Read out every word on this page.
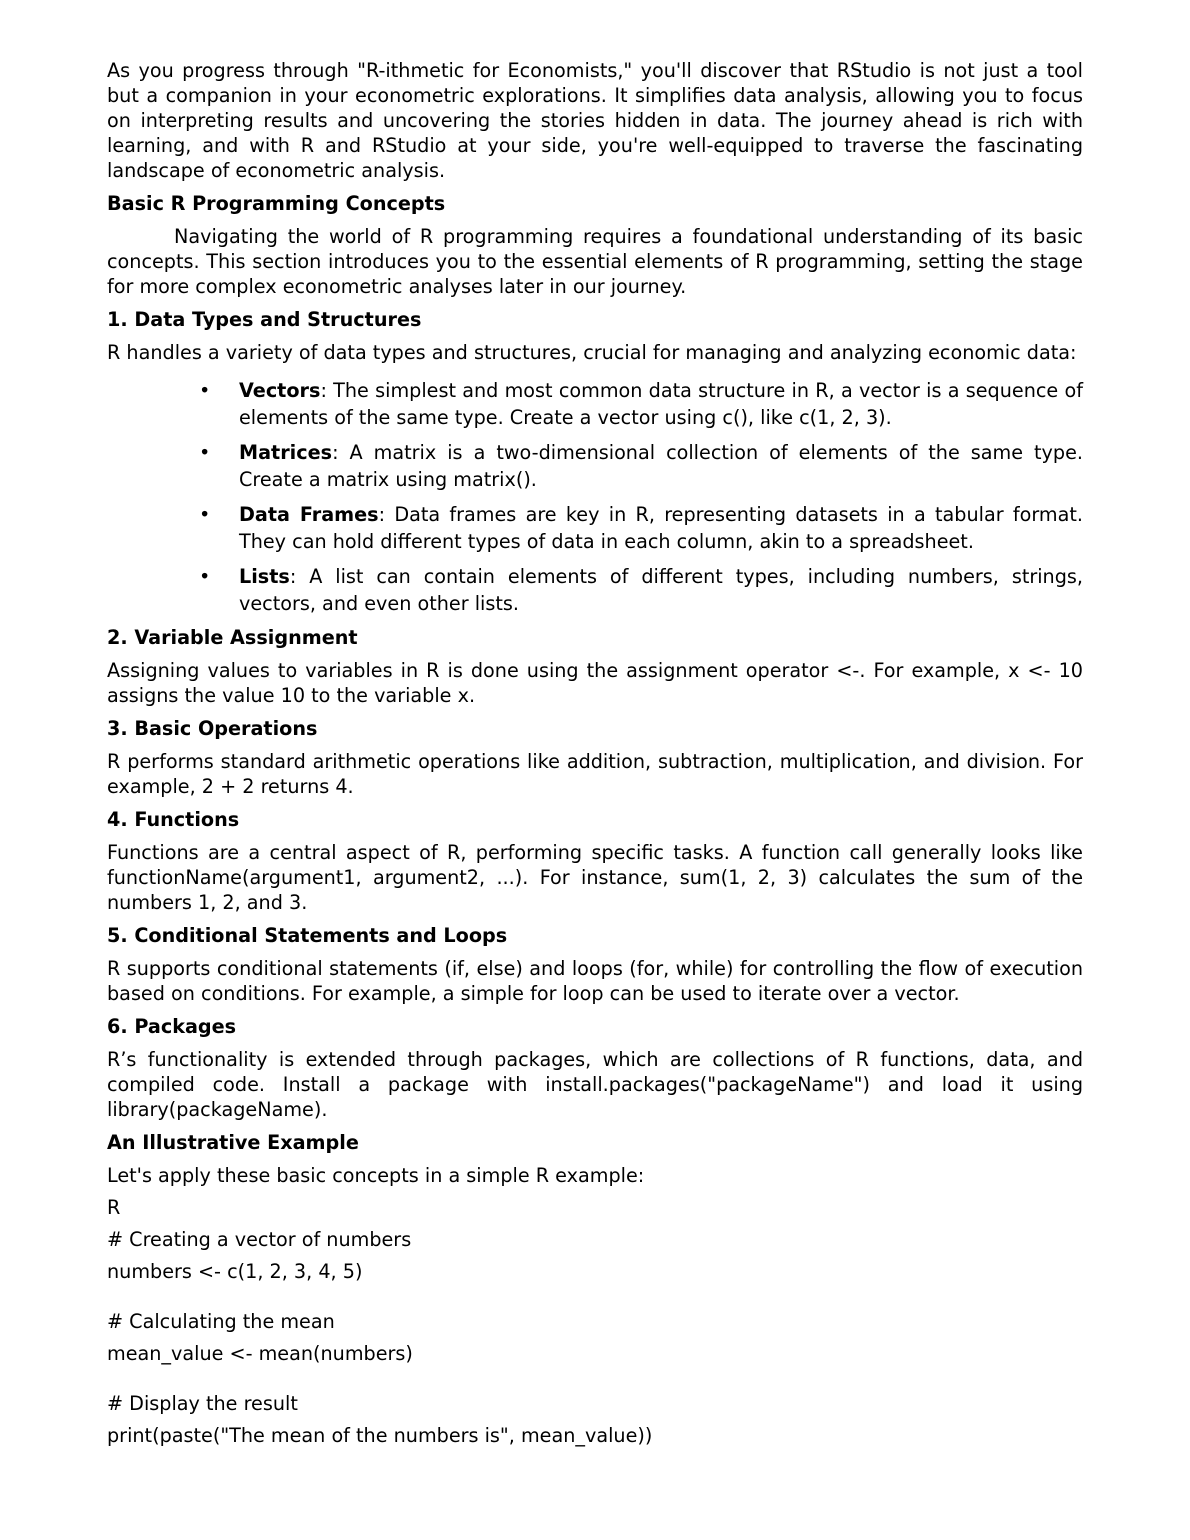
As you progress through "R-ithmetic for Economists," you'll discover that RStudio is not just a tool but a companion in your econometric explorations. It simplifies data analysis, allowing you to focus on interpreting results and uncovering the stories hidden in data. The journey ahead is rich with learning, and with R and RStudio at your side, you're well-equipped to traverse the fascinating landscape of econometric analysis.

Basic R Programming Concepts

Navigating the world of R programming requires a foundational understanding of its basic concepts. This section introduces you to the essential elements of R programming, setting the stage for more complex econometric analyses later in our journey.

1. Data Types and Structures

R handles a variety of data types and structures, crucial for managing and analyzing economic data:

• Vectors: The simplest and most common data structure in R, a vector is a sequence of elements of the same type. Create a vector using c(), like c(1, 2, 3).
• Matrices: A matrix is a two-dimensional collection of elements of the same type. Create a matrix using matrix().
• Data Frames: Data frames are key in R, representing datasets in a tabular format. They can hold different types of data in each column, akin to a spreadsheet.
• Lists: A list can contain elements of different types, including numbers, strings, vectors, and even other lists.

2. Variable Assignment

Assigning values to variables in R is done using the assignment operator <-. For example, x <- 10 assigns the value 10 to the variable x.

3. Basic Operations

R performs standard arithmetic operations like addition, subtraction, multiplication, and division. For example, 2 + 2 returns 4.

4. Functions

Functions are a central aspect of R, performing specific tasks. A function call generally looks like functionName(argument1, argument2, ...). For instance, sum(1, 2, 3) calculates the sum of the numbers 1, 2, and 3.

5. Conditional Statements and Loops

R supports conditional statements (if, else) and loops (for, while) for controlling the flow of execution based on conditions. For example, a simple for loop can be used to iterate over a vector.

6. Packages

R’s functionality is extended through packages, which are collections of R functions, data, and compiled code. Install a package with install.packages("packageName") and load it using library(packageName).

An Illustrative Example

Let's apply these basic concepts in a simple R example:

R

# Creating a vector of numbers

numbers <- c(1, 2, 3, 4, 5)

# Calculating the mean

mean_value <- mean(numbers)

# Display the result

print(paste("The mean of the numbers is", mean_value))
